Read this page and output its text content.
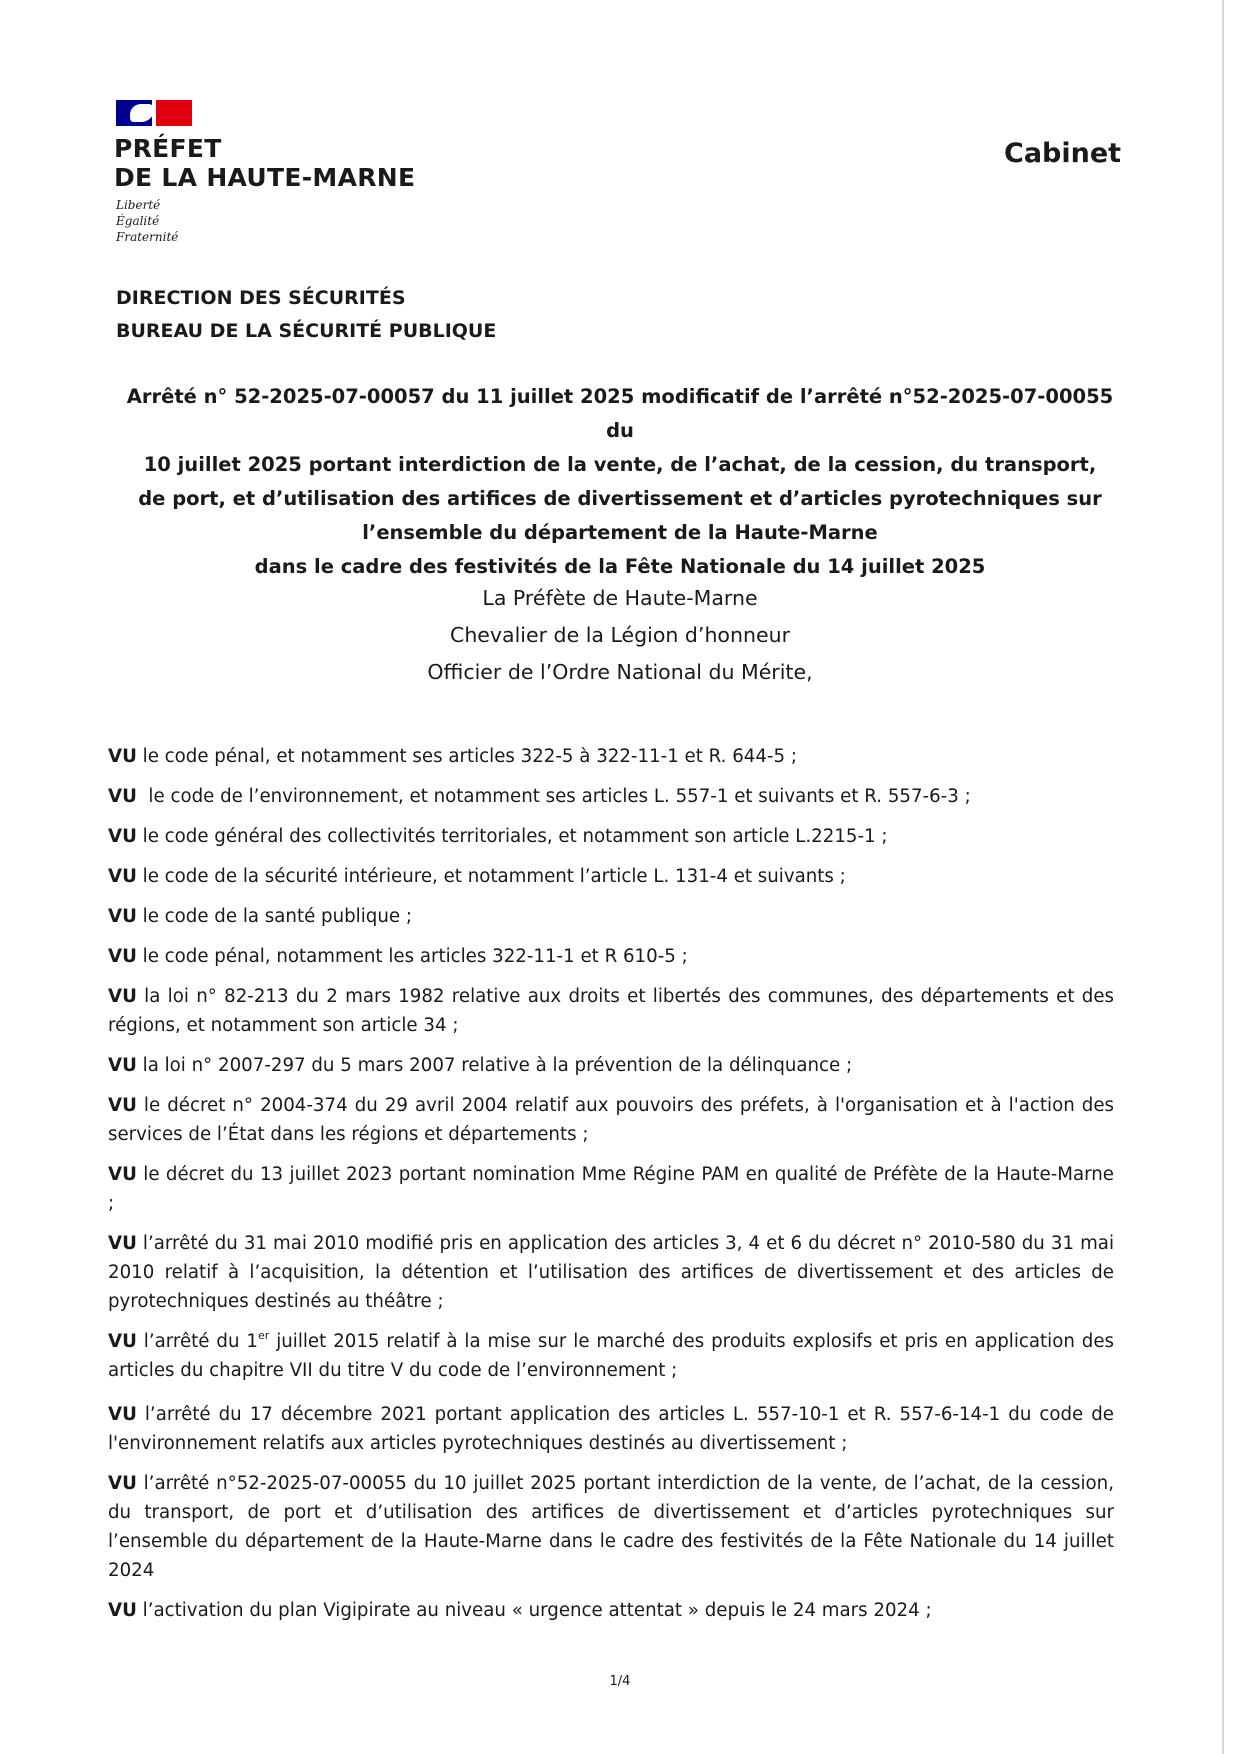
PRÉFET
DE LA HAUTE-MARNE
Liberté
Égalité
Fraternité
Cabinet
DIRECTION DES SÉCURITÉS
BUREAU DE LA SÉCURITÉ PUBLIQUE
Arrêté n° 52-2025-07-00057 du 11 juillet 2025 modificatif de l’arrêté n°52-2025-07-00055 du
10 juillet 2025 portant interdiction de la vente, de l’achat, de la cession, du transport,
de port, et d’utilisation des artifices de divertissement et d’articles pyrotechniques sur
l’ensemble du département de la Haute-Marne
dans le cadre des festivités de la Fête Nationale du 14 juillet 2025
La Préfète de Haute-Marne
Chevalier de la Légion d’honneur
Officier de l’Ordre National du Mérite,

VU le code pénal, et notamment ses articles 322-5 à 322-11-1 et R. 644-5 ;

VU  le code de l’environnement, et notamment ses articles L. 557-1 et suivants et R. 557-6-3 ;

VU le code général des collectivités territoriales, et notamment son article L.2215-1 ;

VU le code de la sécurité intérieure, et notamment l’article L. 131-4 et suivants ;

VU le code de la santé publique ;

VU le code pénal, notamment les articles 322-11-1 et R 610-5 ;

VU la loi n° 82-213 du 2 mars 1982 relative aux droits et libertés des communes, des départements et des régions, et notamment son article 34 ;

VU la loi n° 2007-297 du 5 mars 2007 relative à la prévention de la délinquance ;

VU le décret n° 2004-374 du 29 avril 2004 relatif aux pouvoirs des préfets, à l'organisation et à l'action des services de l’État dans les régions et départements ;

VU le décret du 13 juillet 2023 portant nomination Mme Régine PAM en qualité de Préfète de la Haute-Marne ;

VU l’arrêté du 31 mai 2010 modifié pris en application des articles 3, 4 et 6 du décret n° 2010-580 du 31 mai 2010 relatif à l’acquisition, la détention et l’utilisation des artifices de divertissement et des articles de pyrotechniques destinés au théâtre ;

VU l’arrêté du 1er juillet 2015 relatif à la mise sur le marché des produits explosifs et pris en application des articles du chapitre VII du titre V du code de l’environnement ;

VU l’arrêté du 17 décembre 2021 portant application des articles L. 557-10-1 et R. 557-6-14-1 du code de l'environnement relatifs aux articles pyrotechniques destinés au divertissement ;

VU l’arrêté n°52-2025-07-00055 du 10 juillet 2025 portant interdiction de la vente, de l’achat, de la cession, du transport, de port et d’utilisation des artifices de divertissement et d’articles pyrotechniques sur l’ensemble du département de la Haute-Marne dans le cadre des festivités de la Fête Nationale du 14 juillet 2024

VU l’activation du plan Vigipirate au niveau « urgence attentat » depuis le 24 mars 2024 ;

1/4
